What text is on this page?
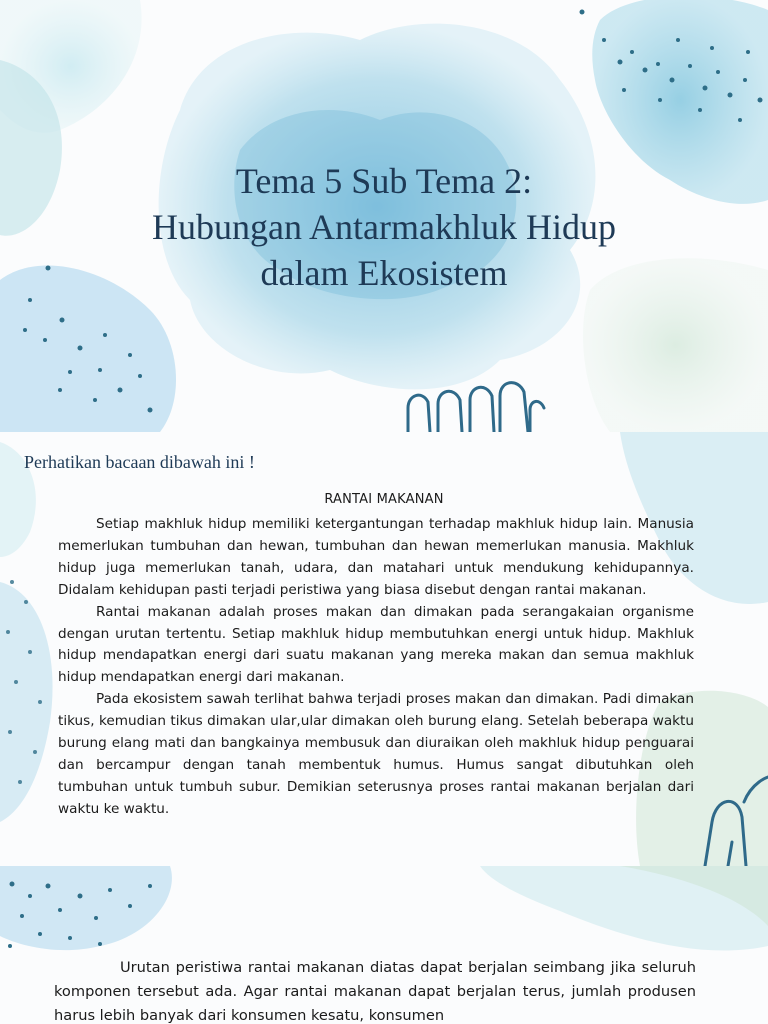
Tema 5 Sub Tema 2:
Hubungan Antarmakhluk Hidup
dalam Ekosistem

Perhatikan bacaan dibawah ini !

RANTAI MAKANAN

Setiap makhluk hidup memiliki ketergantungan terhadap makhluk hidup lain. Manusia memerlukan tumbuhan dan hewan, tumbuhan dan hewan memerlukan manusia. Makhluk hidup juga memerlukan tanah, udara, dan matahari untuk mendukung kehidupannya. Didalam kehidupan pasti terjadi peristiwa yang biasa disebut dengan rantai makanan.

Rantai makanan adalah proses makan dan dimakan pada serangakaian organisme dengan urutan tertentu. Setiap makhluk hidup membutuhkan energi untuk hidup. Makhluk hidup mendapatkan energi dari suatu makanan yang mereka makan dan semua makhluk hidup mendapatkan energi dari makanan.

Pada ekosistem sawah terlihat bahwa terjadi proses makan dan dimakan. Padi dimakan tikus, kemudian tikus dimakan ular,ular dimakan oleh burung elang. Setelah beberapa waktu burung elang mati dan bangkainya membusuk dan diuraikan oleh makhluk hidup penguarai dan bercampur dengan tanah membentuk humus. Humus sangat dibutuhkan oleh tumbuhan untuk tumbuh subur. Demikian seterusnya proses rantai makanan berjalan dari waktu ke waktu.

Urutan peristiwa rantai makanan diatas dapat berjalan seimbang jika seluruh komponen tersebut ada. Agar rantai makanan dapat berjalan terus, jumlah produsen harus lebih banyak dari konsumen kesatu, konsumen
